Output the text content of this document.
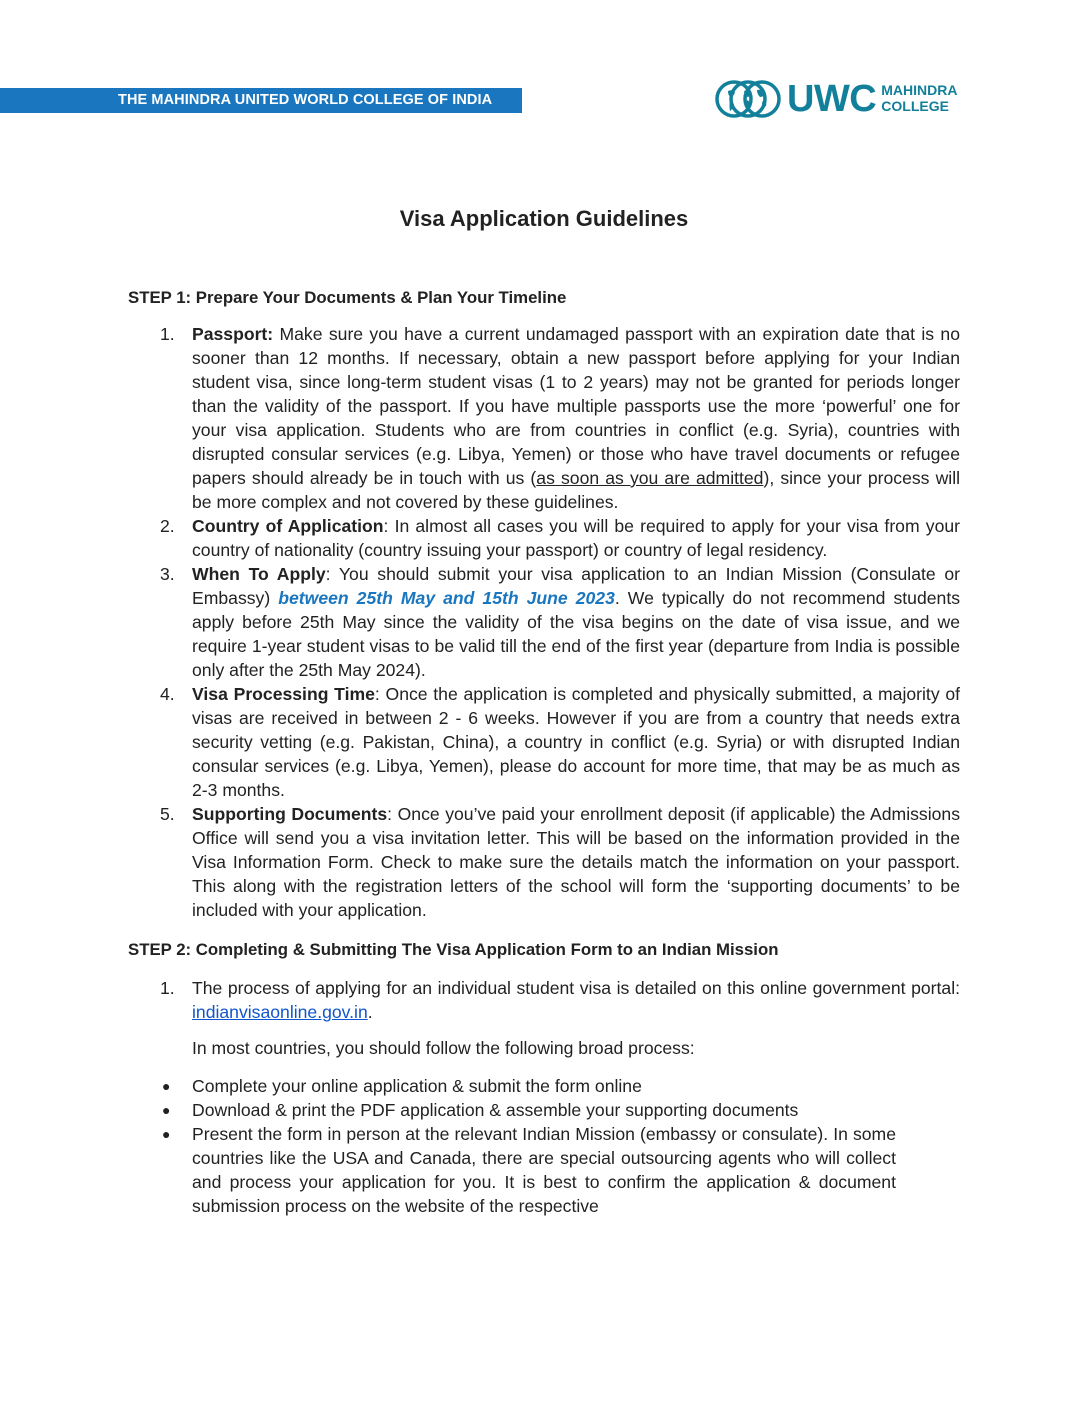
THE MAHINDRA UNITED WORLD COLLEGE OF INDIA	UWC MAHINDRA
COLLEGE
Visa Application Guidelines
STEP 1: Prepare Your Documents & Plan Your Timeline
1. Passport: Make sure you have a current undamaged passport with an expiration date that is no sooner than 12 months. If necessary, obtain a new passport before applying for your Indian student visa, since long-term student visas (1 to 2 years) may not be granted for periods longer than the validity of the passport. If you have multiple passports use the more ‘powerful’ one for your visa application. Students who are from countries in conflict (e.g. Syria), countries with disrupted consular services (e.g. Libya, Yemen) or those who have travel documents or refugee papers should already be in touch with us (as soon as you are admitted), since your process will be more complex and not covered by these guidelines.
2. Country of Application: In almost all cases you will be required to apply for your visa from your country of nationality (country issuing your passport) or country of legal residency.
3. When To Apply: You should submit your visa application to an Indian Mission (Consulate or Embassy) between 25th May and 15th June 2023. We typically do not recommend students apply before 25th May since the validity of the visa begins on the date of visa issue, and we require 1-year student visas to be valid till the end of the first year (departure from India is possible only after the 25th May 2024).
4. Visa Processing Time: Once the application is completed and physically submitted, a majority of visas are received in between 2 - 6 weeks. However if you are from a country that needs extra security vetting (e.g. Pakistan, China), a country in conflict (e.g. Syria) or with disrupted Indian consular services (e.g. Libya, Yemen), please do account for more time, that may be as much as 2-3 months.
5. Supporting Documents: Once you’ve paid your enrollment deposit (if applicable) the Admissions Office will send you a visa invitation letter. This will be based on the information provided in the Visa Information Form. Check to make sure the details match the information on your passport. This along with the registration letters of the school will form the ‘supporting documents’ to be included with your application.
STEP 2: Completing & Submitting The Visa Application Form to an Indian Mission
1. The process of applying for an individual student visa is detailed on this online government portal: indianvisaonline.gov.in.
In most countries, you should follow the following broad process:
●	Complete your online application & submit the form online
●	Download & print the PDF application & assemble your supporting documents
●	Present the form in person at the relevant Indian Mission (embassy or consulate). In some countries like the USA and Canada, there are special outsourcing agents who will collect and process your application for you. It is best to confirm the application & document submission process on the website of the respective
